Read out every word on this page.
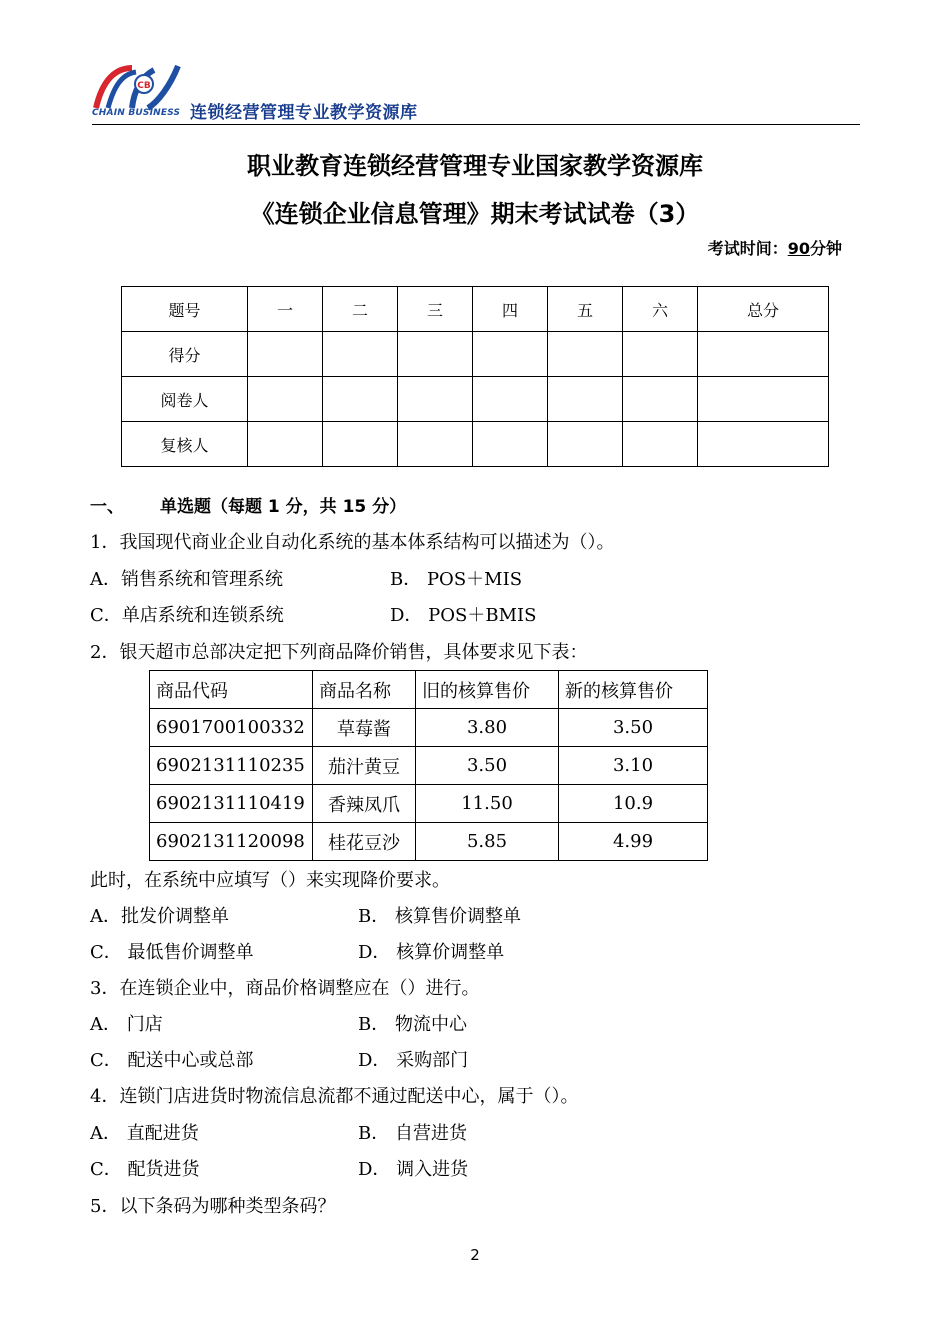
CB
CHAIN BUSINESS 连锁经营管理专业教学资源库
职业教育连锁经营管理专业国家教学资源库
《连锁企业信息管理》期末考试试卷（3）
考试时间：90分钟
题号	一	二	三	四	五	六	总分
得分							
阅卷人							
复核人							
一、 单选题（每题 1 分，共 15 分）
1．我国现代商业企业自动化系统的基本体系结构可以描述为（）。
A．销售系统和管理系统	B． POS＋MIS
C．单店系统和连锁系统	D． POS＋BMIS
2．银天超市总部决定把下列商品降价销售，具体要求见下表：
商品代码	商品名称	旧的核算售价	新的核算售价
6901700100332	草莓酱	3.80	3.50
6902131110235	茄汁黄豆	3.50	3.10
6902131110419	香辣凤爪	11.50	10.9
6902131120098	桂花豆沙	5.85	4.99
此时，在系统中应填写（）来实现降价要求。
A．批发价调整单	B． 核算售价调整单
C． 最低售价调整单	D． 核算价调整单
3．在连锁企业中，商品价格调整应在（）进行。
A． 门店	B． 物流中心
C． 配送中心或总部	D． 采购部门
4．连锁门店进货时物流信息流都不通过配送中心，属于（）。
A． 直配进货	B． 自营进货
C． 配货进货	D． 调入进货
5．以下条码为哪种类型条码？
2
